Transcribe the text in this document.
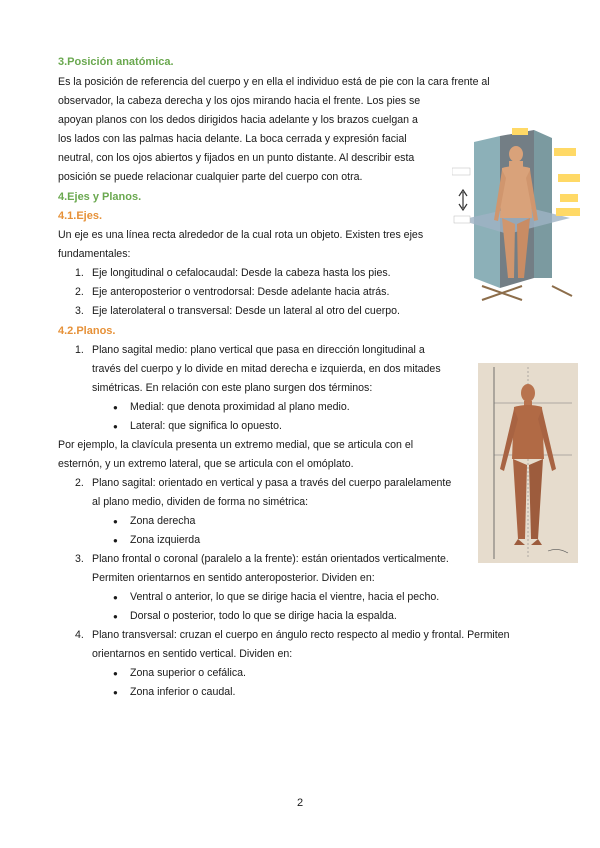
3.Posición anatómica.
Es la posición de referencia del cuerpo y en ella el individuo está de pie con la cara frente al
observador, la cabeza derecha y los ojos mirando hacia el frente. Los pies se
apoyan planos con los dedos dirigidos hacia adelante y los brazos cuelgan a
los lados con las palmas hacia delante. La boca cerrada y expresión facial
neutral, con los ojos abiertos y fijados en un punto distante. Al describir esta
posición se puede relacionar cualquier parte del cuerpo con otra.
4.Ejes y Planos.
4.1.Ejes.
Un eje es una línea recta alrededor de la cual rota un objeto. Existen tres ejes
fundamentales:
1. Eje longitudinal o cefalocaudal: Desde la cabeza hasta los pies.
2. Eje anteroposterior o ventrodorsal: Desde adelante hacia atrás.
3. Eje laterolateral o transversal: Desde un lateral al otro del cuerpo.
4.2.Planos.
1. Plano sagital medio: plano vertical que pasa en dirección longitudinal a
través del cuerpo y lo divide en mitad derecha e izquierda, en dos mitades
simétricas. En relación con este plano surgen dos términos:
● Medial: que denota proximidad al plano medio.
● Lateral: que significa lo opuesto.
Por ejemplo, la clavícula presenta un extremo medial, que se articula con el
esternón, y un extremo lateral, que se articula con el omóplato.
2. Plano sagital: orientado en vertical y pasa a través del cuerpo paralelamente
al plano medio, dividen de forma no simétrica:
● Zona derecha
● Zona izquierda
3. Plano frontal o coronal (paralelo a la frente): están orientados verticalmente.
Permiten orientarnos en sentido anteroposterior. Dividen en:
● Ventral o anterior, lo que se dirige hacia el vientre, hacia el pecho.
● Dorsal o posterior, todo lo que se dirige hacia la espalda.
4. Plano transversal: cruzan el cuerpo en ángulo recto respecto al medio y frontal. Permiten
orientarnos en sentido vertical. Dividen en:
● Zona superior o cefálica.
● Zona inferior o caudal.
2
